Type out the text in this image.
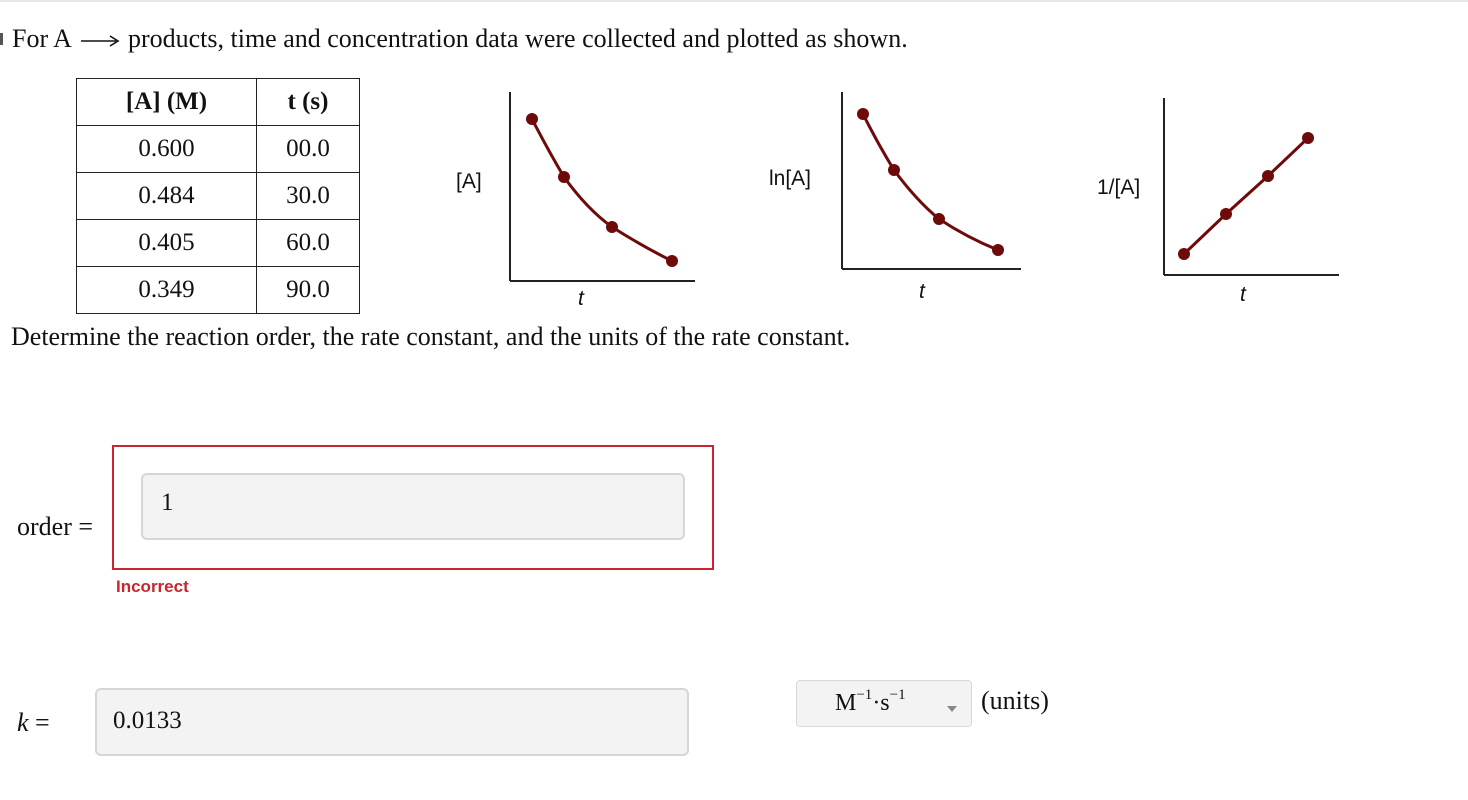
For A → products, time and concentration data were collected and plotted as shown.
[A] (M)	t (s)
0.600	00.0
0.484	30.0
0.405	60.0
0.349	90.0
[A]
t
ln[A]
t
1/[A]
t
Determine the reaction order, the rate constant, and the units of the rate constant.
order =
1
Incorrect
k =	0.0133
$M^{-1}\cdot s^{-1}$	(units)
